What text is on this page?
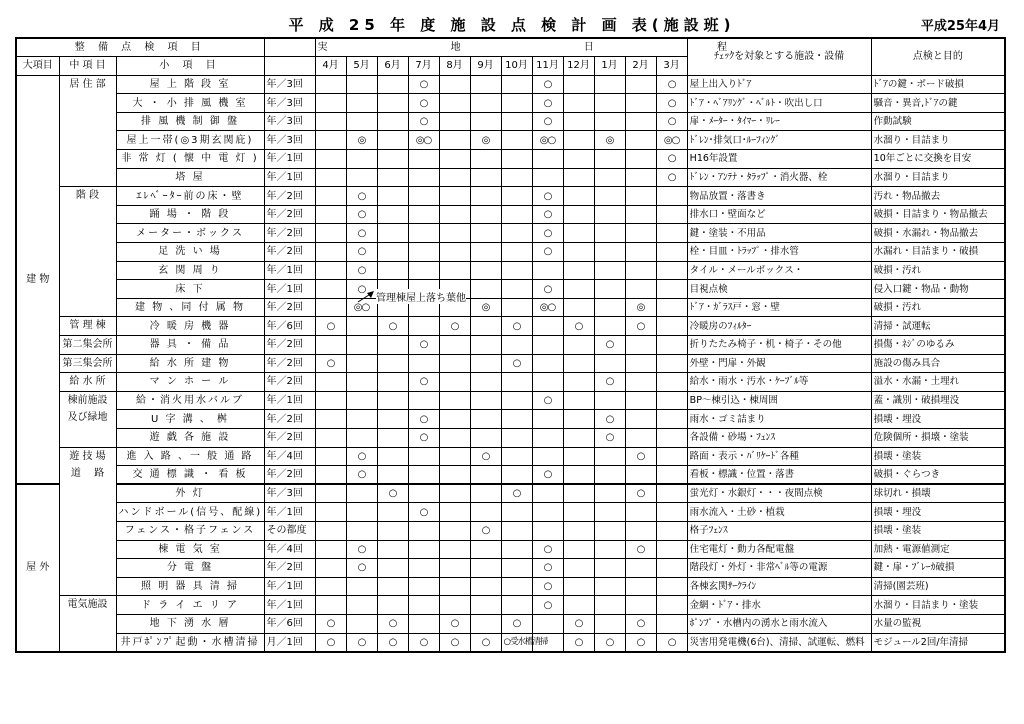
平 成 25 年 度 施 設 点 検 計 画 表(施設班)	平成25年4月
整 備 点 検 項 目				実 地 日 程												ﾁｪｯｸを対象とする施設・設備	点検と目的
大項目	中 項 目	小 項 目		4月	5月	6月	7月	8月	9月	10月	11月	12月	1月	2月	3月		
建 物	居 住 部	屋 上 階 段 室	年／3回				○				○				○	屋上出入りﾄﾞｱ	ﾄﾞｱの鍵・ボード破損
		大 ・ 小 排 風 機 室	年／3回				○				○				○	ﾄﾞｱ・ﾍﾞｱﾘﾝｸﾞ・ﾍﾞﾙﾄ・吹出し口	騒音・異音,ﾄﾞｱの鍵
		排 風 機 制 御 盤	年／3回				○				○				○	扉・ﾒｰﾀｰ・ﾀｲﾏｰ・ﾘﾚｰ	作動試験
		屋上一帯(◎3期玄関庇)	年／3回		◎		◎○		◎		◎○		◎		◎○	ﾄﾞﾚﾝ･排気口･ﾙｰﾌｨﾝｸﾞ	水溜り・目詰まり
		非 常 灯 ( 懐 中 電 灯 )	年／1回												○	H16年設置	10年ごとに交換を目安
		塔 屋	年／1回												○	ﾄﾞﾚﾝ・ｱﾝﾃﾅ・ﾀﾗｯﾌﾟ・消火器、栓	水溜り・目詰まり
	階 段	ｴﾚﾍﾞｰﾀｰ前の床・壁	年／2回		○						○					物品放置・落書き	汚れ・物品撤去
		踊 場 ・ 階 段	年／2回		○						○					排水口・壁面など	破損・目詰まり・物品撤去
		メーター・ボックス	年／2回		○						○					鍵・塗装・不用品	破損・水漏れ・物品撤去
		足 洗 い 場	年／2回		○						○					栓・目皿・ﾄﾗｯﾌﾟ・排水管	水漏れ・目詰まり・破損
		玄 関 周 り	年／1回		○											タイル・メールボックス・	破損・汚れ
		床 下	年／1回		○						○					目視点検	侵入口鍵・物品・動物
		建 物 、同 付 属 物	年／2回		◎○				◎		◎○			◎		ﾄﾞｱ・ｶﾞﾗｽ戸・窓・壁	破損・汚れ
	管 理 棟	冷 暖 房 機 器	年／6回	○		○		○		○		○		○		冷暖房のﾌｨﾙﾀｰ	清掃・試運転
	第二集会所	器 具 ・ 備 品	年／2回				○						○			折りたたみ椅子・机・椅子・その他	損傷・ﾈｼﾞのゆるみ
	第三集会所	給 水 所 建 物	年／2回	○						○						外壁・門扉・外観	施設の傷み具合
	給 水 所	マ ン ホ ー ル	年／2回				○						○			給水・雨水・汚水・ｹｰﾌﾞﾙ等	溢水・水漏・土埋れ
	棟前施設
及び緑地	給・消火用水バルブ	年／1回								○					BP～棟引込・棟周囲	蓋・識別・破損埋没
		U 字 溝 、 桝	年／2回				○						○			雨水・ゴミ詰まり	損壊・埋没
		遊 戯 各 施 設	年／2回				○						○			各設備・砂場・ﾌｪﾝｽ	危険個所・損壊・塗装
	遊 技 場
道　 路	進 入 路 、一 般 通 路	年／4回		○				○					○		路面・表示・ﾊﾞﾘｹｰﾄﾞ各種	損壊・塗装
		交 通 標 識 ・ 看 板	年／2回		○						○					看板・標識・位置・落書	破損・ぐらつき
屋 外		外 灯	年／3回			○				○				○		蛍光灯・水銀灯・・・夜間点検	球切れ・損壊
		ハンドボール(信号、配線)	年／1回				○									雨水流入・土砂・植栽	損壊・埋没
		フェンス・格子フェンス	その都度						○							格子ﾌｪﾝｽ	損壊・塗装
		棟 電 気 室	年／4回		○						○			○		住宅電灯・動力各配電盤	加熱・電源値測定
		分 電 盤	年／2回		○						○					階段灯・外灯・非常ﾍﾞﾙ等の電源	鍵・扉・ﾌﾞﾚｰｶ破損
		照 明 器 具 清 掃	年／1回								○					各棟玄関ｻｰｸﾗｲﾝ	清掃(園芸班)
	電気施設	ド ラ イ エ リ ア	年／1回								○					金網・ﾄﾞｱ・排水	水溜り・目詰まり・塗装
		地 下 湧 水 層	年／6回	○		○		○		○		○		○		ﾎﾟﾝﾌﾟ・水槽内の湧水と雨水流入	水量の監視
		井戸ﾎﾟﾝﾌﾟ起動・水槽清掃	月／1回	○	○	○	○	○	○	○受水槽清掃		○	○	○	○	災害用発電機(6台)、清掃、試運転、燃料	モジュール2回/年清掃
管理棟屋上落ち葉他
